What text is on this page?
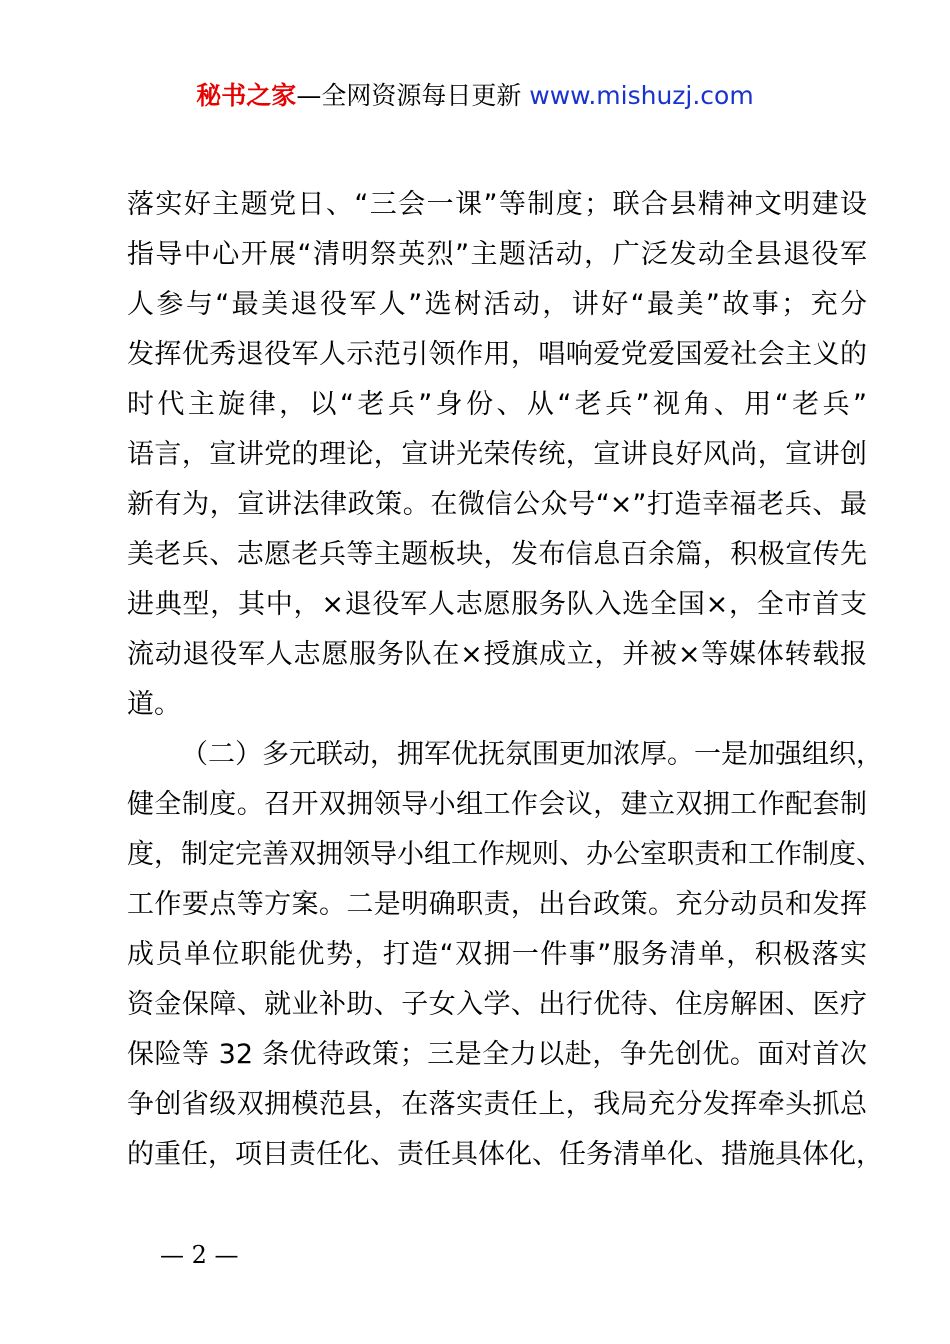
秘书之家—全网资源每日更新 www.mishuzj.com
落实好主题党日、“三会一课”等制度；联合县精神文明建设
指导中心开展“清明祭英烈”主题活动，广泛发动全县退役军
人参与“最美退役军人”选树活动，讲好“最美”故事；充分
发挥优秀退役军人示范引领作用，唱响爱党爱国爱社会主义的
时代主旋律，以“老兵”身份、从“老兵”视角、用“老兵”
语言，宣讲党的理论，宣讲光荣传统，宣讲良好风尚，宣讲创
新有为，宣讲法律政策。在微信公众号“×”打造幸福老兵、最
美老兵、志愿老兵等主题板块，发布信息百余篇，积极宣传先
进典型，其中，×退役军人志愿服务队入选全国×，全市首支
流动退役军人志愿服务队在×授旗成立，并被×等媒体转载报
道。
（二）多元联动，拥军优抚氛围更加浓厚。一是加强组织，
健全制度。召开双拥领导小组工作会议，建立双拥工作配套制
度，制定完善双拥领导小组工作规则、办公室职责和工作制度、
工作要点等方案。二是明确职责，出台政策。充分动员和发挥
成员单位职能优势，打造“双拥一件事”服务清单，积极落实
资金保障、就业补助、子女入学、出行优待、住房解困、医疗
保险等 32 条优待政策；三是全力以赴，争先创优。面对首次
争创省级双拥模范县，在落实责任上，我局充分发挥牵头抓总
的重任，项目责任化、责任具体化、任务清单化、措施具体化，
— 2 —
